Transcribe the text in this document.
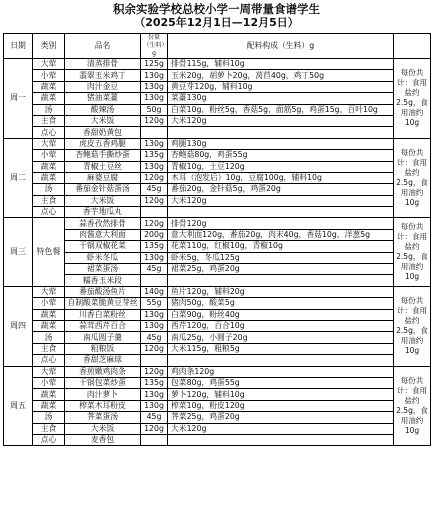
积余实验学校总校小学一周带量食谱学生
（2025年12月1日—12月5日）
日期	类别	品名	份量（生料）g	配料构成（生料）g	
周一	大荤	清蒸排骨	125g	排骨115g，辅料10g	每份共计：食用盐约2.5g，食用油约10g
	小荤	翡翠玉米鸡丁	130g	玉米20g，胡萝卜20g，莴苣40g，鸡丁50g	
	蔬菜	肉汁金豆	130g	黄豆芽120g，辅料10g	
	蔬菜	猪油菜薹	130g	菜薹130g	
	汤	酸辣汤	50g	白菜10g，粉丝5g，香菇5g，面筋5g，鸡蛋15g，百叶10g	
	主食	大米饭	120g	大米120g	
	点心	香甜奶黄包			
周二	大荤	虎皮五香鸡腿	130g	鸡腿130g	每份共计：食用盐约2.5g，食用油约10g
	小荤	杏鲍菇手撕炒蛋	135g	杏鲍菇80g，鸡蛋55g	
	蔬菜	青椒土豆丝	130g	青椒10g，土豆120g	
	蔬菜	麻婆豆腐	120g	木耳（泡发后）10g，豆腐100g，辅料10g	
	汤	番茄金针菇蛋汤	45g	番茄20g，金针菇5g，鸡蛋20g	
	主食	大米饭	120g	大米120g	
	点心	香芋地瓜丸			
周三	特色餐	蒜香孜然排骨	120g	排骨120g	每份共计：食用盐约2.5g，食用油约10g
		肉酱意大利面	200g	意大利面120g，番茄20g，肉末40g，香菇10g，洋葱5g	
		干锅双椒花菜	135g	花菜110g，红椒10g，青椒10g	
		虾米冬瓜	130g	虾米5g，冬瓜125g	
		裙菜蛋汤	45g	裙菜25g，鸡蛋20g	
		糯香玉米段			
周四	大荤	番茄酸汤鱼片	140g	鱼片120g，辅料20g	每份共计：食用盐约2.5g，食用油约10g
	小荤	自制酸菜脆黄豆芽丝	55g	猪肉50g，酸菜5g	
	蔬菜	川香白菜粉丝	130g	白菜90g，粉丝40g	
	蔬菜	蒜茸西芹百合	130g	西芹120g，百合10g	
	汤	南瓜圆子羹	45g	南瓜25g，小圆子20g	
	主食	粗粮饭	120g	大米115g，粗粮5g	
	点心	香甜芝麻球			
周五	大荤	香煎嫩鸡肉条	120g	鸡肉条120g	每份共计：食用盐约2.5g，食用油约10g
	小荤	干锅包菜炒蛋	135g	包菜80g，鸡蛋55g	
	蔬菜	肉汁萝卜	130g	萝卜120g，辅料10g	
	蔬菜	榨菜木耳粉皮	130g	榨菜10g，粉皮120g	
	汤	荠菜蛋汤	45g	荠菜25g，鸡蛋20g	
	主食	大米饭	120g	大米120g	
	点心	麦香包			
